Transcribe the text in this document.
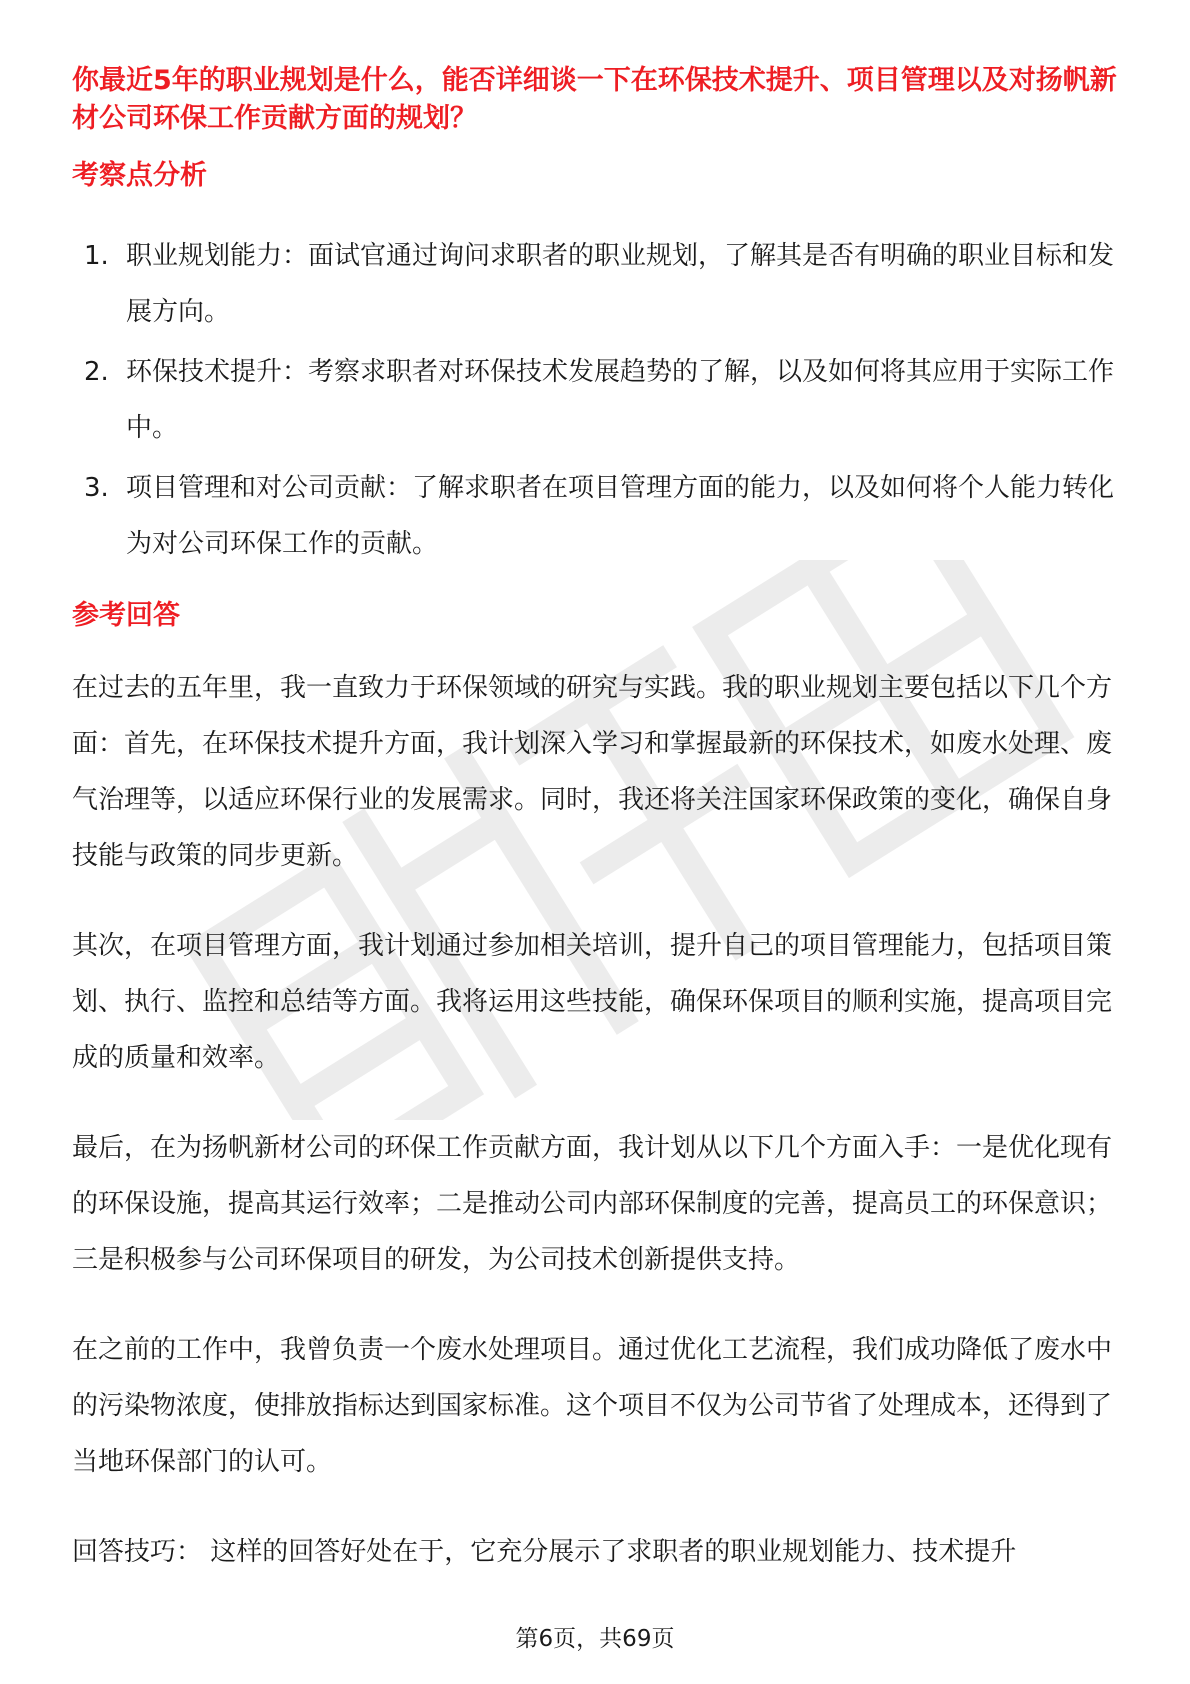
你最近5年的职业规划是什么，能否详细谈一下在环保技术提升、项目管理以及对扬帆新材公司环保工作贡献方面的规划？
考察点分析
1. 职业规划能力：面试官通过询问求职者的职业规划，了解其是否有明确的职业目标和发展方向。
2. 环保技术提升：考察求职者对环保技术发展趋势的了解，以及如何将其应用于实际工作中。
3. 项目管理和对公司贡献：了解求职者在项目管理方面的能力，以及如何将个人能力转化为对公司环保工作的贡献。
参考回答

在过去的五年里，我一直致力于环保领域的研究与实践。我的职业规划主要包括以下几个方面：首先，在环保技术提升方面，我计划深入学习和掌握最新的环保技术，如废水处理、废气治理等，以适应环保行业的发展需求。同时，我还将关注国家环保政策的变化，确保自身技能与政策的同步更新。

其次，在项目管理方面，我计划通过参加相关培训，提升自己的项目管理能力，包括项目策划、执行、监控和总结等方面。我将运用这些技能，确保环保项目的顺利实施，提高项目完成的质量和效率。

最后，在为扬帆新材公司的环保工作贡献方面，我计划从以下几个方面入手：一是优化现有的环保设施，提高其运行效率；二是推动公司内部环保制度的完善，提高员工的环保意识；三是积极参与公司环保项目的研发，为公司技术创新提供支持。

在之前的工作中，我曾负责一个废水处理项目。通过优化工艺流程，我们成功降低了废水中的污染物浓度，使排放指标达到国家标准。这个项目不仅为公司节省了处理成本，还得到了当地环保部门的认可。

回答技巧： 这样的回答好处在于，它充分展示了求职者的职业规划能力、技术提升

第6页，共69页
